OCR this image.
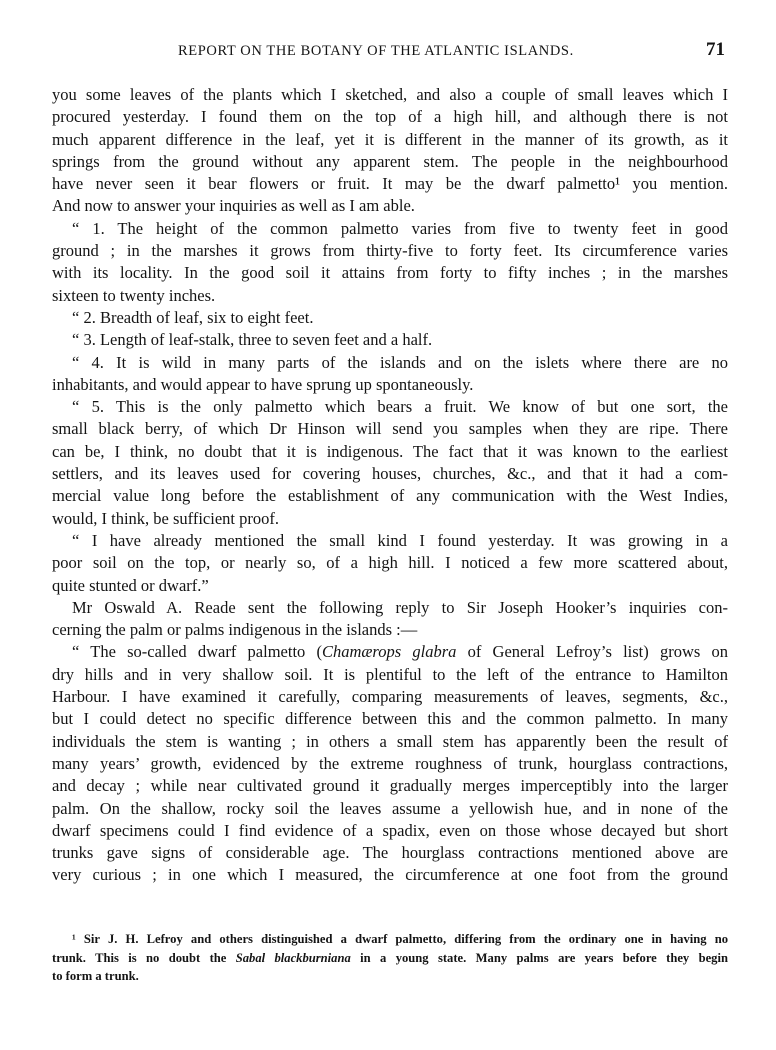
REPORT ON THE BOTANY OF THE ATLANTIC ISLANDS.	71
you some leaves of the plants which I sketched, and also a couple of small leaves which I
procured yesterday. I found them on the top of a high hill, and although there is not
much apparent difference in the leaf, yet it is different in the manner of its growth, as it
springs from the ground without any apparent stem. The people in the neighbourhood
have never seen it bear flowers or fruit. It may be the dwarf palmetto¹ you mention.
And now to answer your inquiries as well as I am able.
“ 1. The height of the common palmetto varies from five to twenty feet in good
ground ; in the marshes it grows from thirty-five to forty feet. Its circumference varies
with its locality. In the good soil it attains from forty to fifty inches ; in the marshes
sixteen to twenty inches.
“ 2. Breadth of leaf, six to eight feet.
“ 3. Length of leaf-stalk, three to seven feet and a half.
“ 4. It is wild in many parts of the islands and on the islets where there are no
inhabitants, and would appear to have sprung up spontaneously.
“ 5. This is the only palmetto which bears a fruit. We know of but one sort, the
small black berry, of which Dr Hinson will send you samples when they are ripe. There
can be, I think, no doubt that it is indigenous. The fact that it was known to the earliest
settlers, and its leaves used for covering houses, churches, &c., and that it had a com-
mercial value long before the establishment of any communication with the West Indies,
would, I think, be sufficient proof.
“ I have already mentioned the small kind I found yesterday. It was growing in a
poor soil on the top, or nearly so, of a high hill. I noticed a few more scattered about,
quite stunted or dwarf.”
Mr Oswald A. Reade sent the following reply to Sir Joseph Hooker’s inquiries con-
cerning the palm or palms indigenous in the islands :—
“ The so-called dwarf palmetto (Chamærops glabra of General Lefroy’s list) grows on
dry hills and in very shallow soil. It is plentiful to the left of the entrance to Hamilton
Harbour. I have examined it carefully, comparing measurements of leaves, segments, &c.,
but I could detect no specific difference between this and the common palmetto. In many
individuals the stem is wanting ; in others a small stem has apparently been the result of
many years’ growth, evidenced by the extreme roughness of trunk, hourglass contractions,
and decay ; while near cultivated ground it gradually merges imperceptibly into the larger
palm. On the shallow, rocky soil the leaves assume a yellowish hue, and in none of the
dwarf specimens could I find evidence of a spadix, even on those whose decayed but short
trunks gave signs of considerable age. The hourglass contractions mentioned above are
very curious ; in one which I measured, the circumference at one foot from the ground
¹ Sir J. H. Lefroy and others distinguished a dwarf palmetto, differing from the ordinary one in having no
trunk. This is no doubt the Sabal blackburniana in a young state. Many palms are years before they begin
to form a trunk.
